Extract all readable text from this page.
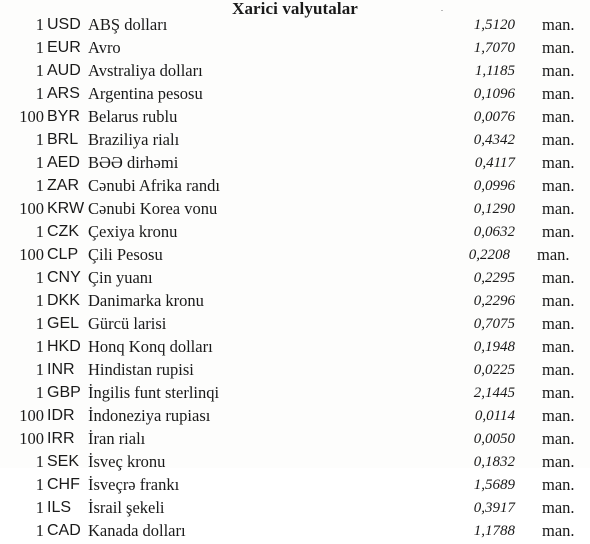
Xarici valyutalar
1 USD ABŞ dolları	1,5120 man.
1 EUR Avro	1,7070 man.
1 AUD Avstraliya dolları	1,1185 man.
1 ARS Argentina pesosu	0,1096 man.
100 BYR Belarus rublu	0,0076 man.
1 BRL Braziliya rialı	0,4342 man.
1 AED BƏƏ dirhəmi	0,4117 man.
1 ZAR Cənubi Afrika randı	0,0996 man.
100 KRW Cənubi Korea vonu	0,1290 man.
1 CZK Çexiya kronu	0,0632 man.
100 CLP Çili Pesosu	0,2208 man.
1 CNY Çin yuanı	0,2295 man.
1 DKK Danimarka kronu	0,2296 man.
1 GEL Gürcü larisi	0,7075 man.
1 HKD Honq Konq dolları	0,1948 man.
1 INR Hindistan rupisi	0,0225 man.
1 GBP İngilis funt sterlinqi	2,1445 man.
100 IDR İndoneziya rupiası	0,0114 man.
100 IRR İran rialı	0,0050 man.
1 SEK İsveç kronu	0,1832 man.
1 CHF İsveçrə frankı	1,5689 man.
1 ILS İsrail şekeli	0,3917 man.
1 CAD Kanada dolları	1,1788 man.
